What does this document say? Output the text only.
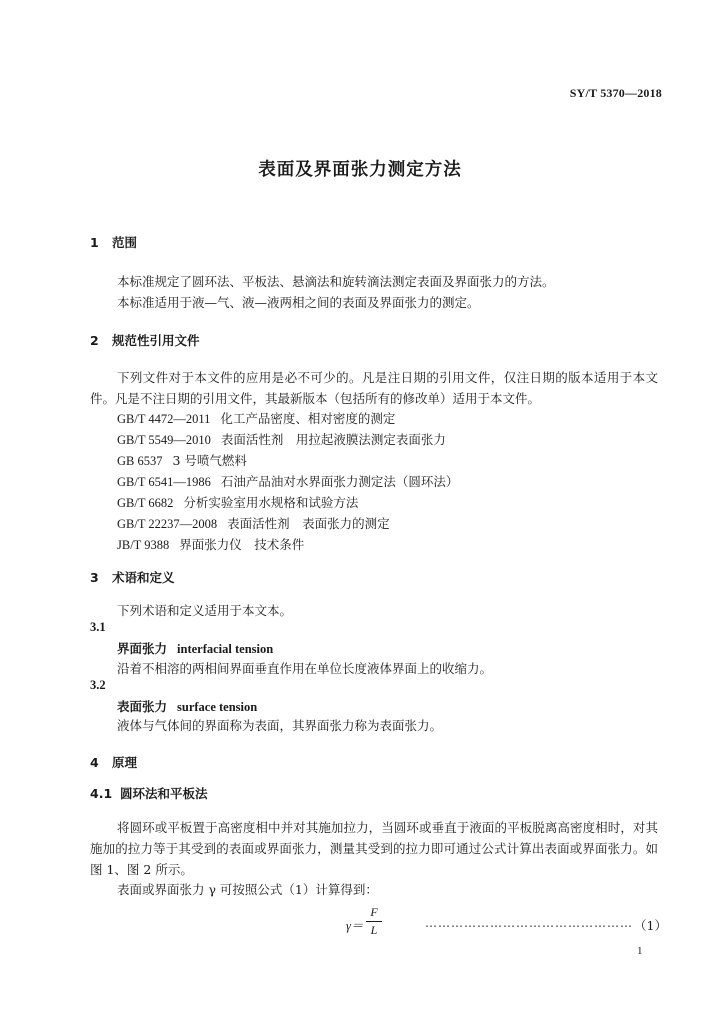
SY/T 5370—2018
表面及界面张力测定方法
1 范围
本标准规定了圆环法、平板法、悬滴法和旋转滴法测定表面及界面张力的方法。
本标准适用于液—气、液—液两相之间的表面及界面张力的测定。
2 规范性引用文件
下列文件对于本文件的应用是必不可少的。凡是注日期的引用文件，仅注日期的版本适用于本文件。凡是不注日期的引用文件，其最新版本（包括所有的修改单）适用于本文件。
GB/T 4472—2011 化工产品密度、相对密度的测定
GB/T 5549—2010 表面活性剂　用拉起液膜法测定表面张力
GB 6537 3 号喷气燃料
GB/T 6541—1986 石油产品油对水界面张力测定法（圆环法）
GB/T 6682 分析实验室用水规格和试验方法
GB/T 22237—2008 表面活性剂　表面张力的测定
JB/T 9388 界面张力仪　技术条件
3 术语和定义
下列术语和定义适用于本文本。
3.1
界面张力 interfacial tension
沿着不相溶的两相间界面垂直作用在单位长度液体界面上的收缩力。
3.2
表面张力 surface tension
液体与气体间的界面称为表面，其界面张力称为表面张力。
4 原理
4.1 圆环法和平板法
将圆环或平板置于高密度相中并对其施加拉力，当圆环或垂直于液面的平板脱离高密度相时，对其施加的拉力等于其受到的表面或界面张力，测量其受到的拉力即可通过公式计算出表面或界面张力。如图 1、图 2 所示。
表面或界面张力 γ 可按照公式（1）计算得到：
γ＝
F
L	………………………………………… （1）
1
